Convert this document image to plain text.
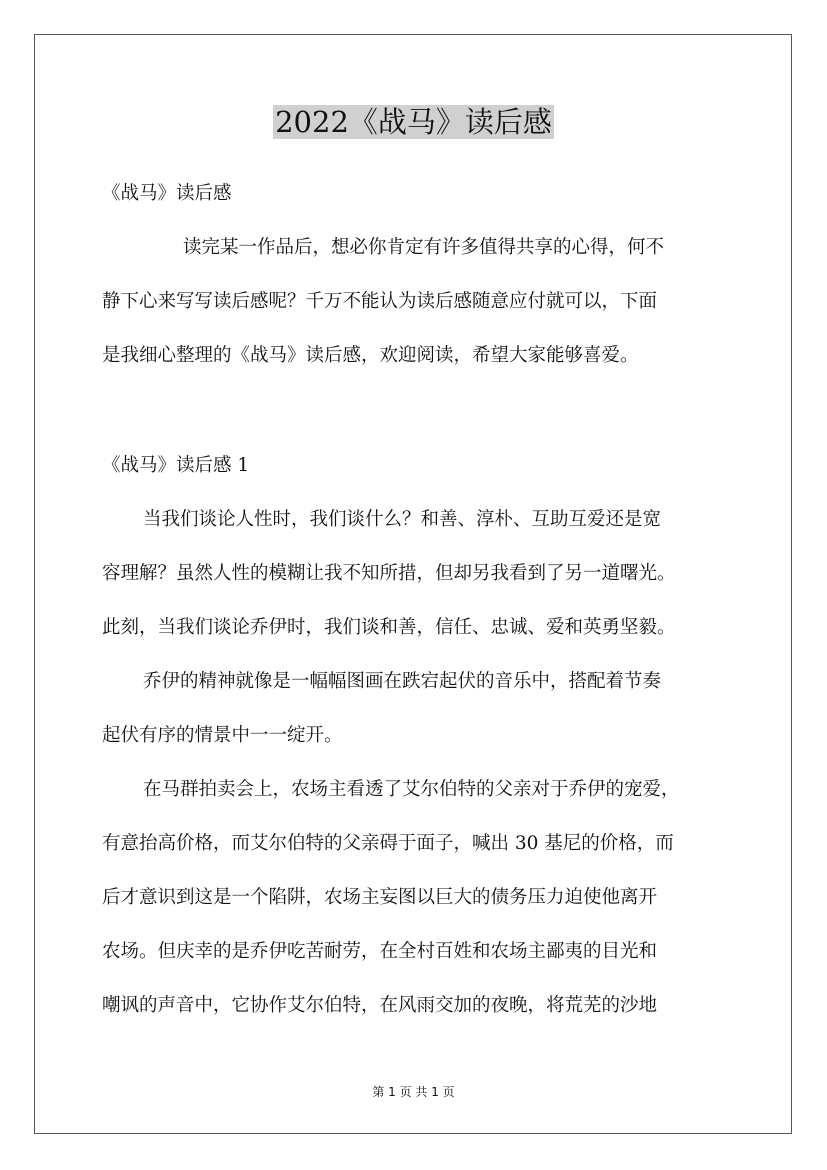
2022《战马》读后感
《战马》读后感
读完某一作品后，想必你肯定有许多值得共享的心得，何不
静下心来写写读后感呢？千万不能认为读后感随意应付就可以，下面
是我细心整理的《战马》读后感，欢迎阅读，希望大家能够喜爱。
《战马》读后感 1
当我们谈论人性时，我们谈什么？和善、淳朴、互助互爱还是宽
容理解？虽然人性的模糊让我不知所措，但却另我看到了另一道曙光。
此刻，当我们谈论乔伊时，我们谈和善，信任、忠诚、爱和英勇坚毅。
乔伊的精神就像是一幅幅图画在跌宕起伏的音乐中，搭配着节奏
起伏有序的情景中一一绽开。
在马群拍卖会上，农场主看透了艾尔伯特的父亲对于乔伊的宠爱，
有意抬高价格，而艾尔伯特的父亲碍于面子，喊出 30 基尼的价格，而
后才意识到这是一个陷阱，农场主妄图以巨大的债务压力迫使他离开
农场。但庆幸的是乔伊吃苦耐劳，在全村百姓和农场主鄙夷的目光和
嘲讽的声音中，它协作艾尔伯特，在风雨交加的夜晚，将荒芜的沙地
第 1 页 共 1 页
